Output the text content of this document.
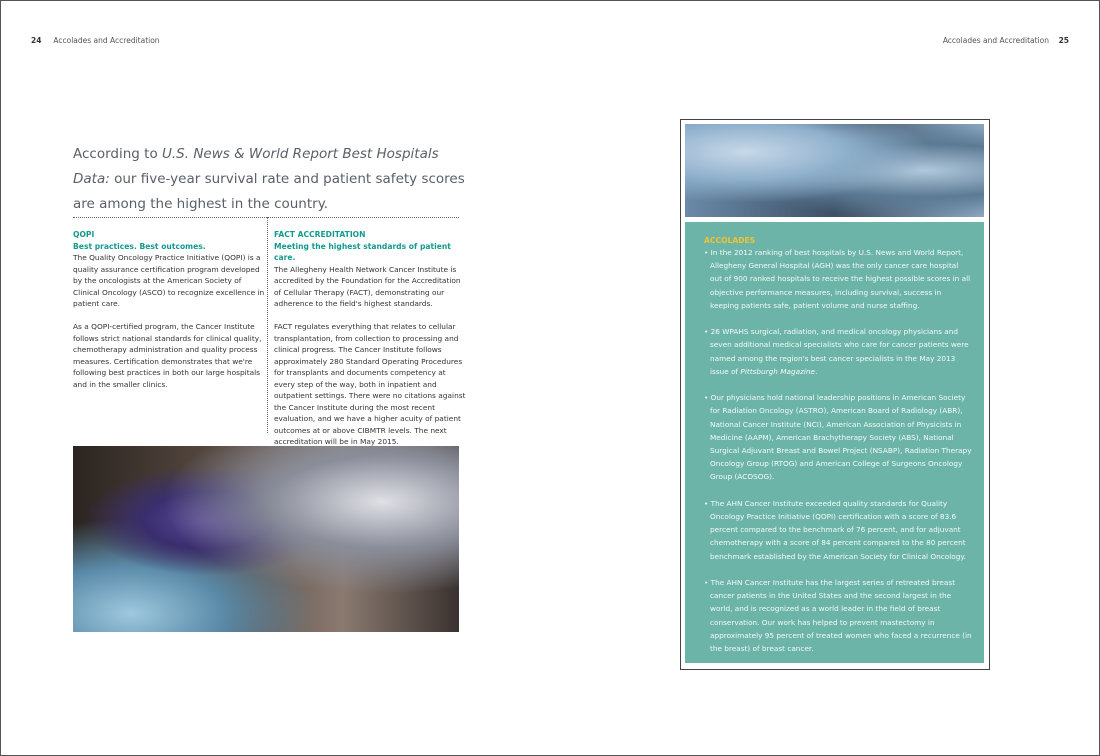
24 Accolades and Accreditation	Accolades and Accreditation 25
According to U.S. News & World Report Best Hospitals Data: our five-year survival rate and patient safety scores are among the highest in the country.
QOPI
Best practices. Best outcomes.

The Quality Oncology Practice Initiative (QOPI) is a quality assurance certification program developed by the oncologists at the American Society of Clinical Oncology (ASCO) to recognize excellence in patient care.

As a QOPI-certified program, the Cancer Institute follows strict national standards for clinical quality, chemotherapy administration and quality process measures. Certification demonstrates that we're following best practices in both our large hospitals and in the smaller clinics.

FACT ACCREDITATION
Meeting the highest standards of patient care.

The Allegheny Health Network Cancer Institute is accredited by the Foundation for the Accreditation of Cellular Therapy (FACT), demonstrating our adherence to the field's highest standards.

FACT regulates everything that relates to cellular transplantation, from collection to processing and clinical progress. The Cancer Institute follows approximately 280 Standard Operating Procedures for transplants and documents competency at every step of the way, both in inpatient and outpatient settings. There were no citations against the Cancer Institute during the most recent evaluation, and we have a higher acuity of patient outcomes at or above CIBMTR levels. The next accreditation will be in May 2015.

ACCOLADES
• In the 2012 ranking of best hospitals by U.S. News and World Report, Allegheny General Hospital (AGH) was the only cancer care hospital out of 900 ranked hospitals to receive the highest possible scores in all objective performance measures, including survival, success in keeping patients safe, patient volume and nurse staffing.
• 26 WPAHS surgical, radiation, and medical oncology physicians and seven additional medical specialists who care for cancer patients were named among the region's best cancer specialists in the May 2013 issue of Pittsburgh Magazine.
• Our physicians hold national leadership positions in American Society for Radiation Oncology (ASTRO), American Board of Radiology (ABR), National Cancer Institute (NCI), American Association of Physicists in Medicine (AAPM), American Brachytherapy Society (ABS), National Surgical Adjuvant Breast and Bowel Project (NSABP), Radiation Therapy Oncology Group (RTOG) and American College of Surgeons Oncology Group (ACOSOG).
• The AHN Cancer Institute exceeded quality standards for Quality Oncology Practice Initiative (QOPI) certification with a score of 83.6 percent compared to the benchmark of 76 percent, and for adjuvant chemotherapy with a score of 84 percent compared to the 80 percent benchmark established by the American Society for Clinical Oncology.
• The AHN Cancer Institute has the largest series of retreated breast cancer patients in the United States and the second largest in the world, and is recognized as a world leader in the field of breast conservation. Our work has helped to prevent mastectomy in approximately 95 percent of treated women who faced a recurrence (in the breast) of breast cancer.
